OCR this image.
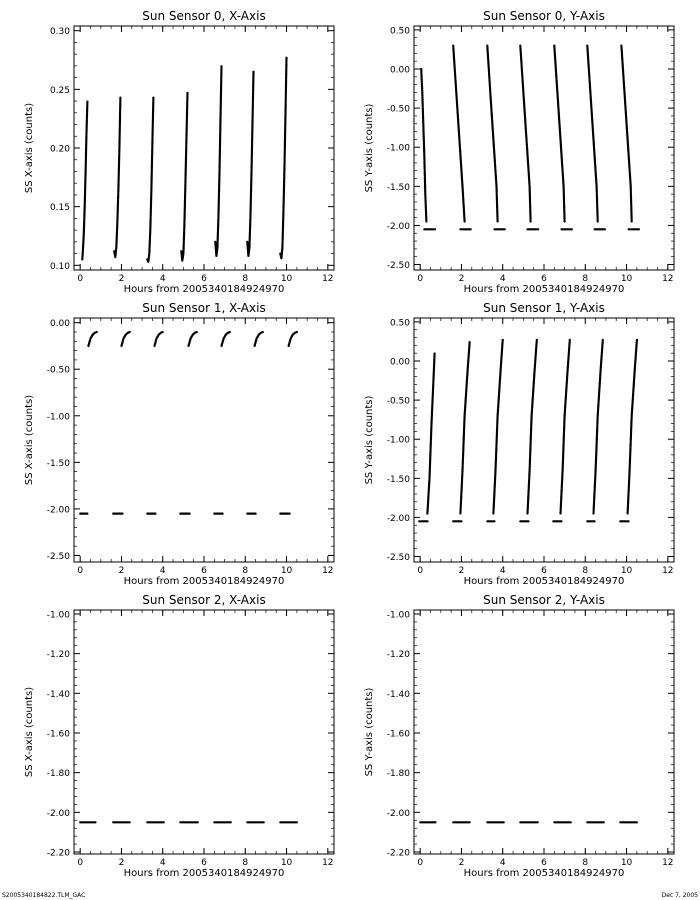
Sun Sensor 0, X-Axis
Hours from 2005340184924970
SS X-axis (counts)
0	2	4	6	8	10	12
0.10
0.15
0.20
0.25
0.30
Sun Sensor 0, Y-Axis
Hours from 2005340184924970
SS Y-axis (counts)
0	2	4	6	8	10	12
-2.50
-2.00
-1.50
-1.00
-0.50
0.00
0.50
Sun Sensor 1, X-Axis
Hours from 2005340184924970
SS X-axis (counts)
0	2	4	6	8	10	12
-2.50
-2.00
-1.50
-1.00
-0.50
0.00
Sun Sensor 1, Y-Axis
Hours from 2005340184924970
SS Y-axis (counts)
0	2	4	6	8	10	12
-2.50
-2.00
-1.50
-1.00
-0.50
0.00
0.50
Sun Sensor 2, X-Axis
Hours from 2005340184924970
SS X-axis (counts)
0	2	4	6	8	10	12
-2.20
-2.00
-1.80
-1.60
-1.40
-1.20
-1.00
Sun Sensor 2, Y-Axis
Hours from 2005340184924970
SS Y-axis (counts)
0	2	4	6	8	10	12
-2.20
-2.00
-1.80
-1.60
-1.40
-1.20
-1.00
S2005340184822.TLM_GAC	Dec 7, 2005
